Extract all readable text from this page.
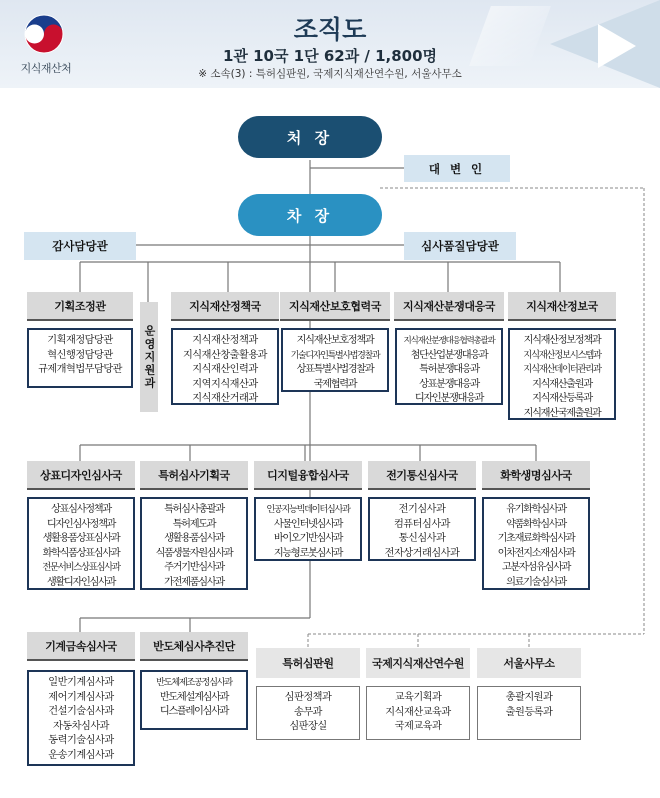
지식재산처
조직도
1관 10국 1단 62과 / 1,800명
※ 소속(3) : 특허심판원, 국제지식재산연수원, 서울사무소
처 장
대 변 인
차 장
감사담당관	심사품질담당관
기획조정관
기획재정담당관
혁신행정담당관
규제개혁법무담당관	운영지원과
지식재산정책국
지식재산정책과
지식재산창출활용과
지식재산인력과
지역지식재산과
지식재산거래과
지식재산보호협력국
지식재산보호정책과
기술디자인특별사법경찰과
상표특별사법경찰과
국제협력과
지식재산분쟁대응국
지식재산분쟁대응협력총괄과
첨단산업분쟁대응과
특허분쟁대응과
상표분쟁대응과
디자인분쟁대응과
지식재산정보국
지식재산정보정책과
지식재산정보시스템과
지식재산데이터관리과
지식재산출원과
지식재산등록과
지식재산국제출원과
상표디자인심사국
상표심사정책과
디자인심사정책과
생활용품상표심사과
화학식품상표심사과
전문서비스상표심사과
생활디자인심사과
특허심사기획국
특허심사총괄과
특허제도과
생활용품심사과
식품생물자원심사과
주거기반심사과
가전제품심사과
디지털융합심사국
인공지능빅데이터심사과
사물인터넷심사과
바이오기반심사과
지능형로봇심사과
전기통신심사국
전기심사과
컴퓨터심사과
통신심사과
전자상거래심사과
화학생명심사국
유기화학심사과
약품화학심사과
기초재료화학심사과
이차전지소재심사과
고분자섬유심사과
의료기술심사과
기계금속심사국
일반기계심사과
제어기계심사과
건설기술심사과
자동차심사과
동력기술심사과
운송기계심사과
반도체심사추진단
반도체제조공정심사과
반도체설계심사과
디스플레이심사과
특허심판원
심판정책과
송무과
심판장실
국제지식재산연수원
교육기획과
지식재산교육과
국제교육과
서울사무소
총괄지원과
출원등록과
